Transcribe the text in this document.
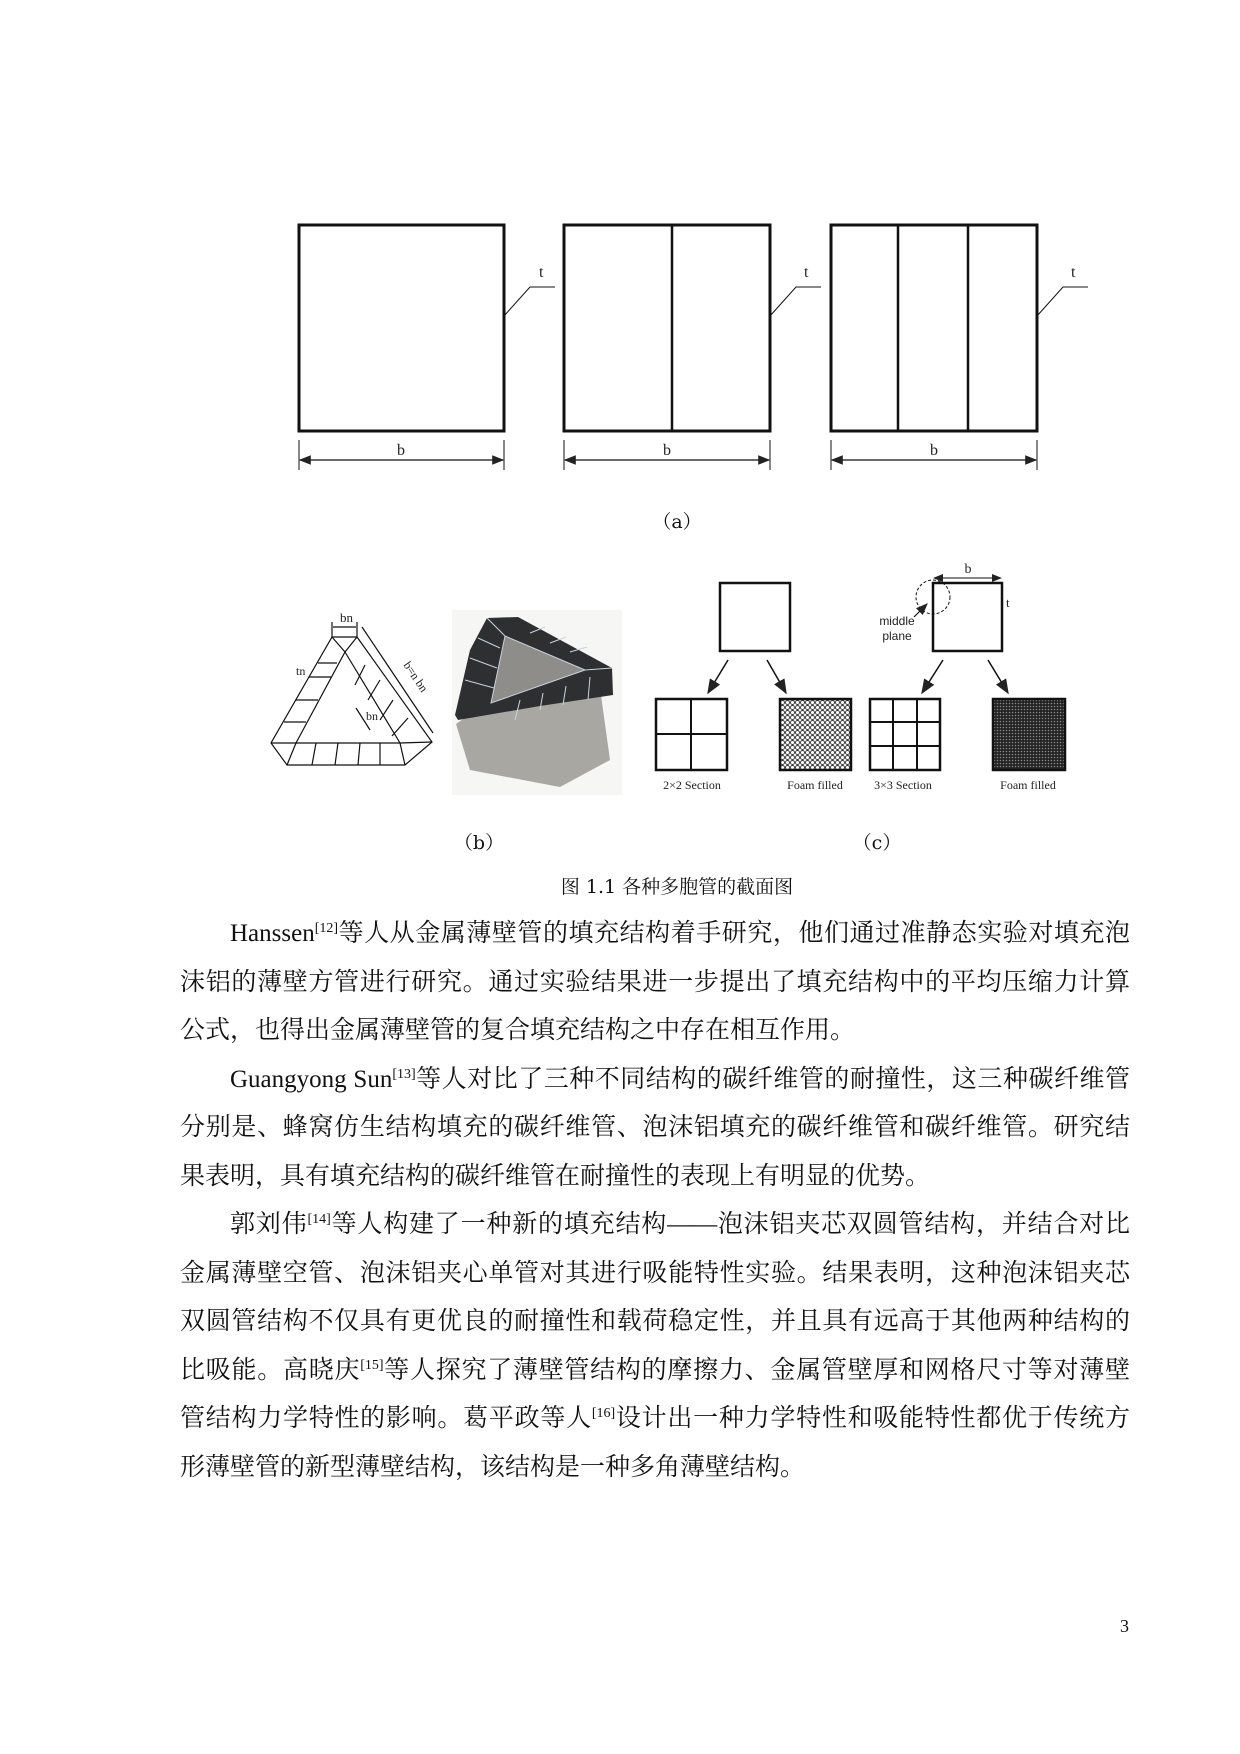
b	b	b
t	t	t
bn
tn
bn
b=n bn
b
t
middle
plane
2×2 Section	Foam filled	3×3 Section	Foam filled
（a）
（b）	（c）
图 1.1 各种多胞管的截面图
Hanssen[12]等人从金属薄壁管的填充结构着手研究，他们通过准静态实验对填充泡
沫铝的薄壁方管进行研究。通过实验结果进一步提出了填充结构中的平均压缩力计算
公式，也得出金属薄壁管的复合填充结构之中存在相互作用。
Guangyong Sun[13]等人对比了三种不同结构的碳纤维管的耐撞性，这三种碳纤维管
分别是、蜂窝仿生结构填充的碳纤维管、泡沫铝填充的碳纤维管和碳纤维管。研究结
果表明，具有填充结构的碳纤维管在耐撞性的表现上有明显的优势。
郭刘伟[14]等人构建了一种新的填充结构——泡沫铝夹芯双圆管结构，并结合对比
金属薄壁空管、泡沫铝夹心单管对其进行吸能特性实验。结果表明，这种泡沫铝夹芯
双圆管结构不仅具有更优良的耐撞性和载荷稳定性，并且具有远高于其他两种结构的
比吸能。高晓庆[15]等人探究了薄壁管结构的摩擦力、金属管壁厚和网格尺寸等对薄壁
管结构力学特性的影响。葛平政等人[16]设计出一种力学特性和吸能特性都优于传统方
形薄壁管的新型薄壁结构，该结构是一种多角薄壁结构。
3
